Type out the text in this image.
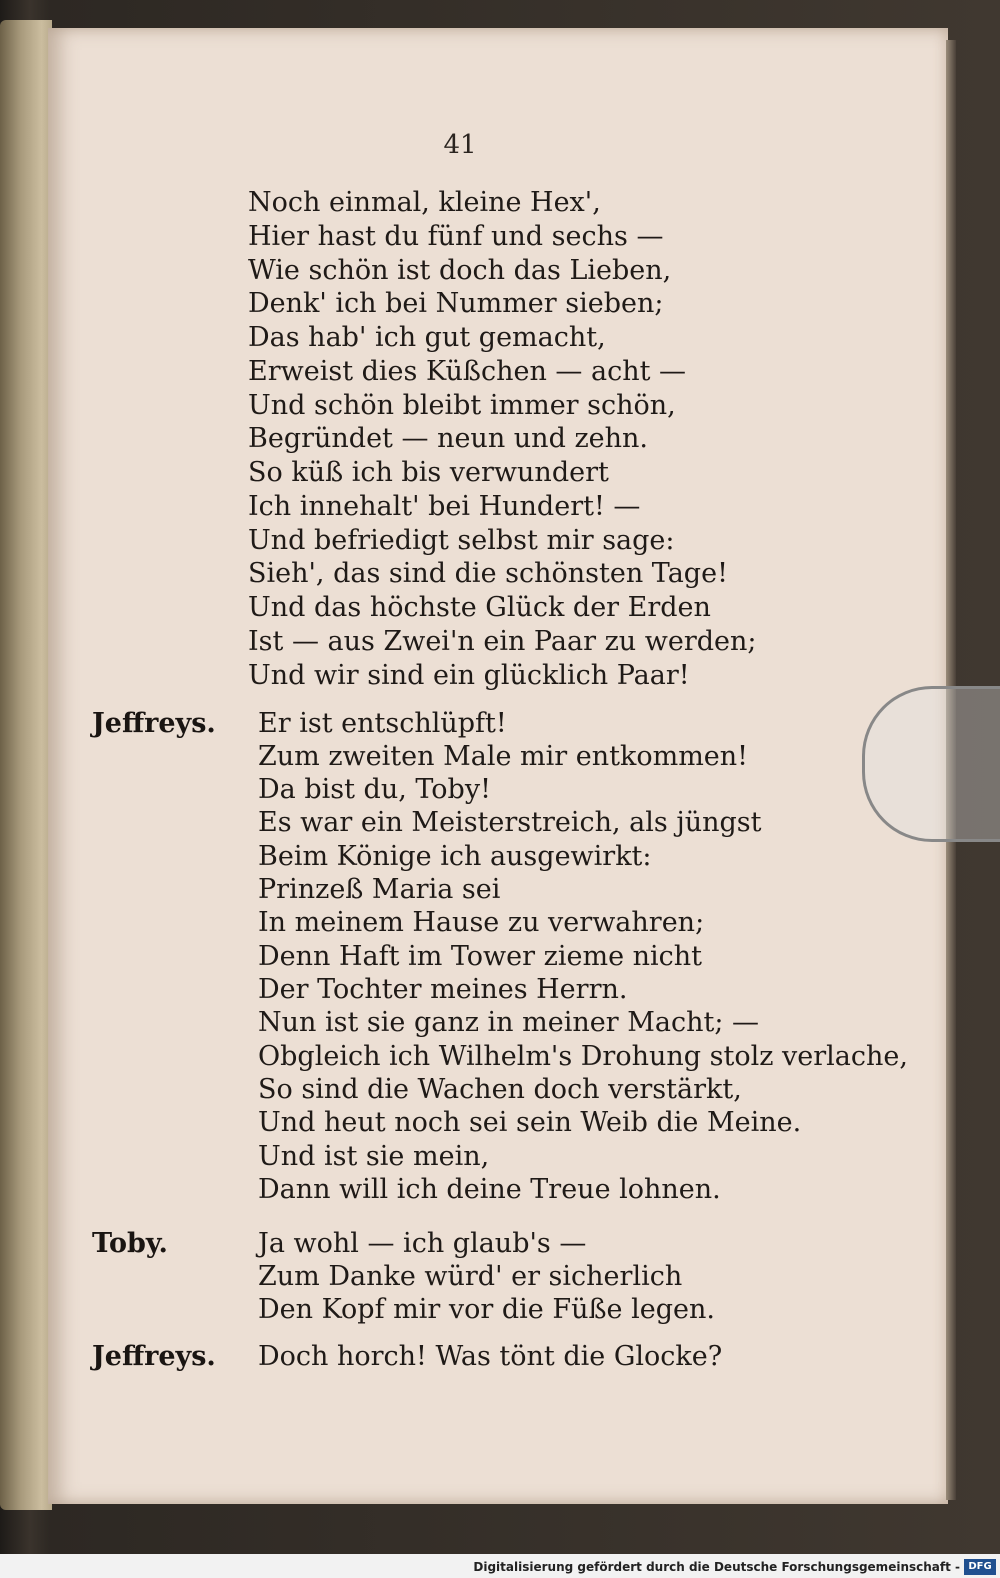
41
Noch einmal, kleine Hex',
Hier hast du fünf und sechs —
Wie schön ist doch das Lieben,
Denk' ich bei Nummer sieben;
Das hab' ich gut gemacht,
Erweist dies Küßchen — acht —
Und schön bleibt immer schön,
Begründet — neun und zehn.
So küß ich bis verwundert
Ich innehalt' bei Hundert! —
Und befriedigt selbst mir sage:
Sieh', das sind die schönsten Tage!
Und das höchste Glück der Erden
Ist — aus Zwei'n ein Paar zu werden;
Und wir sind ein glücklich Paar!
Jeffreys. Er ist entschlüpft!
Zum zweiten Male mir entkommen!
Da bist du, Toby!
Es war ein Meisterstreich, als jüngst
Beim Könige ich ausgewirkt:
Prinzeß Maria sei
In meinem Hause zu verwahren;
Denn Haft im Tower zieme nicht
Der Tochter meines Herrn.
Nun ist sie ganz in meiner Macht; —
Obgleich ich Wilhelm's Drohung stolz verlache,
So sind die Wachen doch verstärkt,
Und heut noch sei sein Weib die Meine.
Und ist sie mein,
Dann will ich deine Treue lohnen.
Toby.	Ja wohl — ich glaub's —
Zum Danke würd' er sicherlich
Den Kopf mir vor die Füße legen.
Jeffreys. Doch horch! Was tönt die Glocke?
Digitalisierung gefördert durch die Deutsche Forschungsgemeinschaft - DFG
